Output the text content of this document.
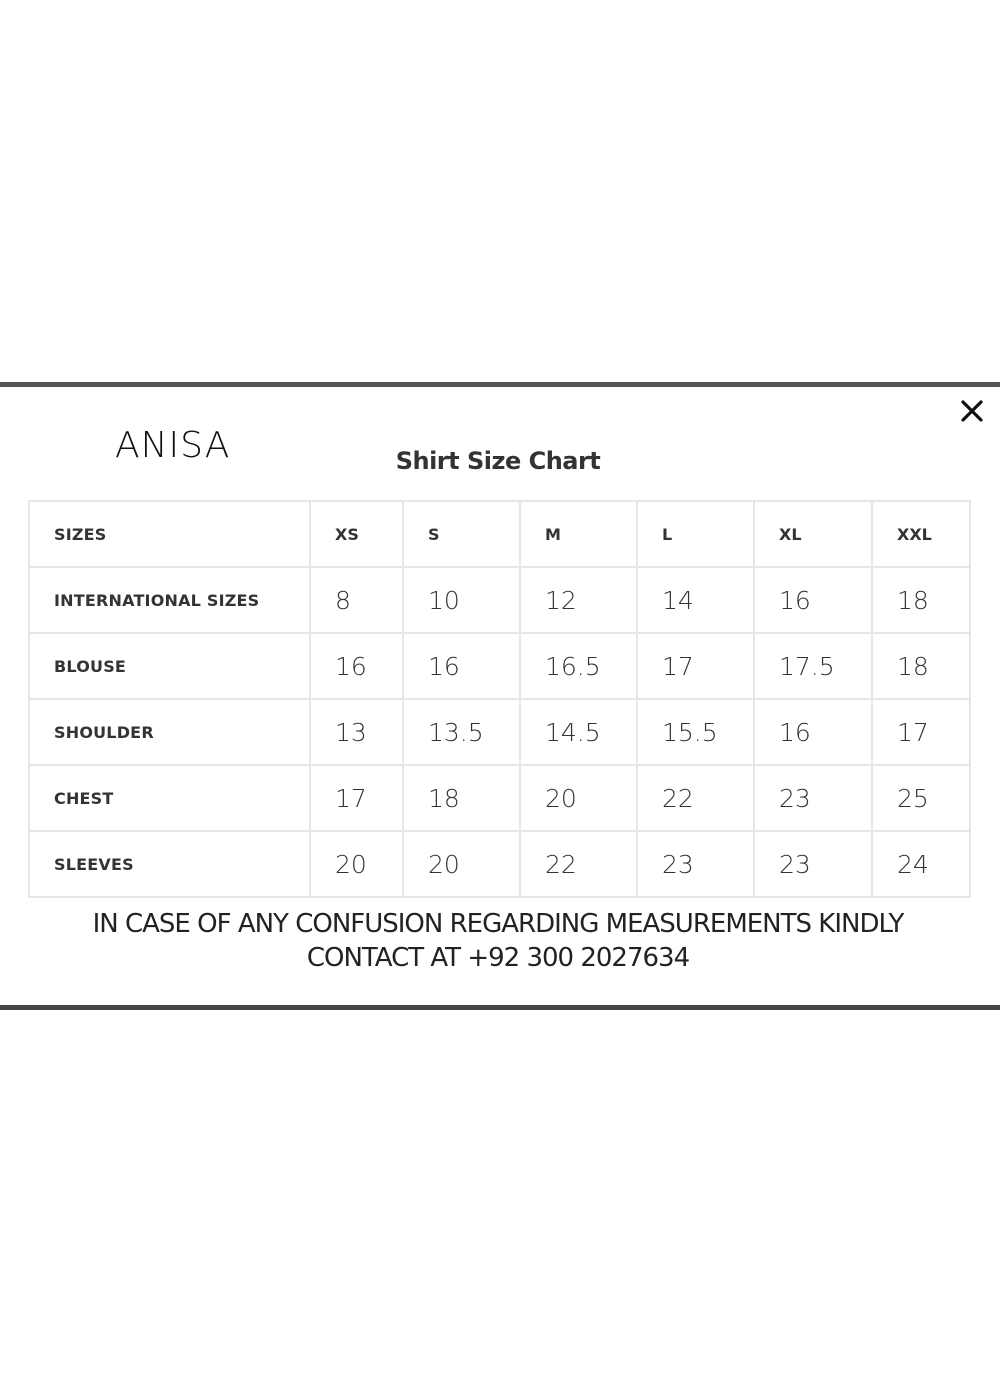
ANISA	Shirt Size Chart
SIZES	XS	S	M	L	XL	XXL
INTERNATIONAL SIZES	8	10	12	14	16	18
BLOUSE	16	16	16.5	17	17.5	18
SHOULDER	13	13.5	14.5	15.5	16	17
CHEST	17	18	20	22	23	25
SLEEVES	20	20	22	23	23	24
IN CASE OF ANY CONFUSION REGARDING MEASUREMENTS KINDLY
CONTACT AT +92 300 2027634
